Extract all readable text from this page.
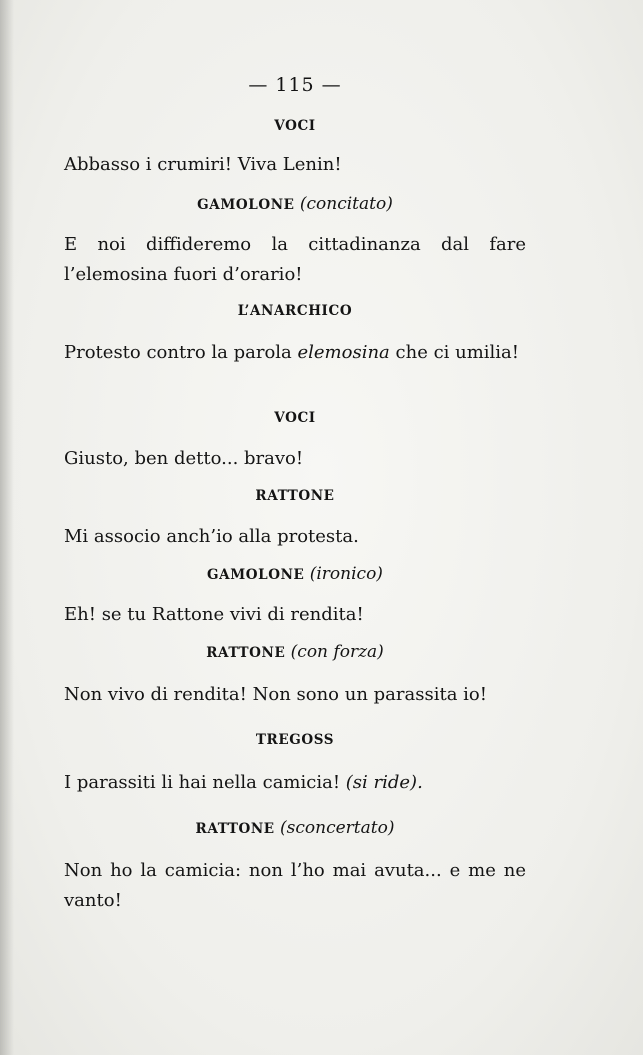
— 115 —
VOCI
Abbasso i crumiri! Viva Lenin!
GAMOLONE (concitato)
E noi diffideremo la cittadinanza dal fare l’elemosina fuori d’orario!
L’ANARCHICO
Protesto contro la parola elemosina che ci umilia!
VOCI
Giusto, ben detto... bravo!
RATTONE
Mi associo anch’io alla protesta.
GAMOLONE (ironico)
Eh! se tu Rattone vivi di rendita!
RATTONE (con forza)
Non vivo di rendita! Non sono un parassita io!
TREGOSS
I parassiti li hai nella camicia! (si ride).
RATTONE (sconcertato)
Non ho la camicia: non l’ho mai avuta... e me ne vanto!
